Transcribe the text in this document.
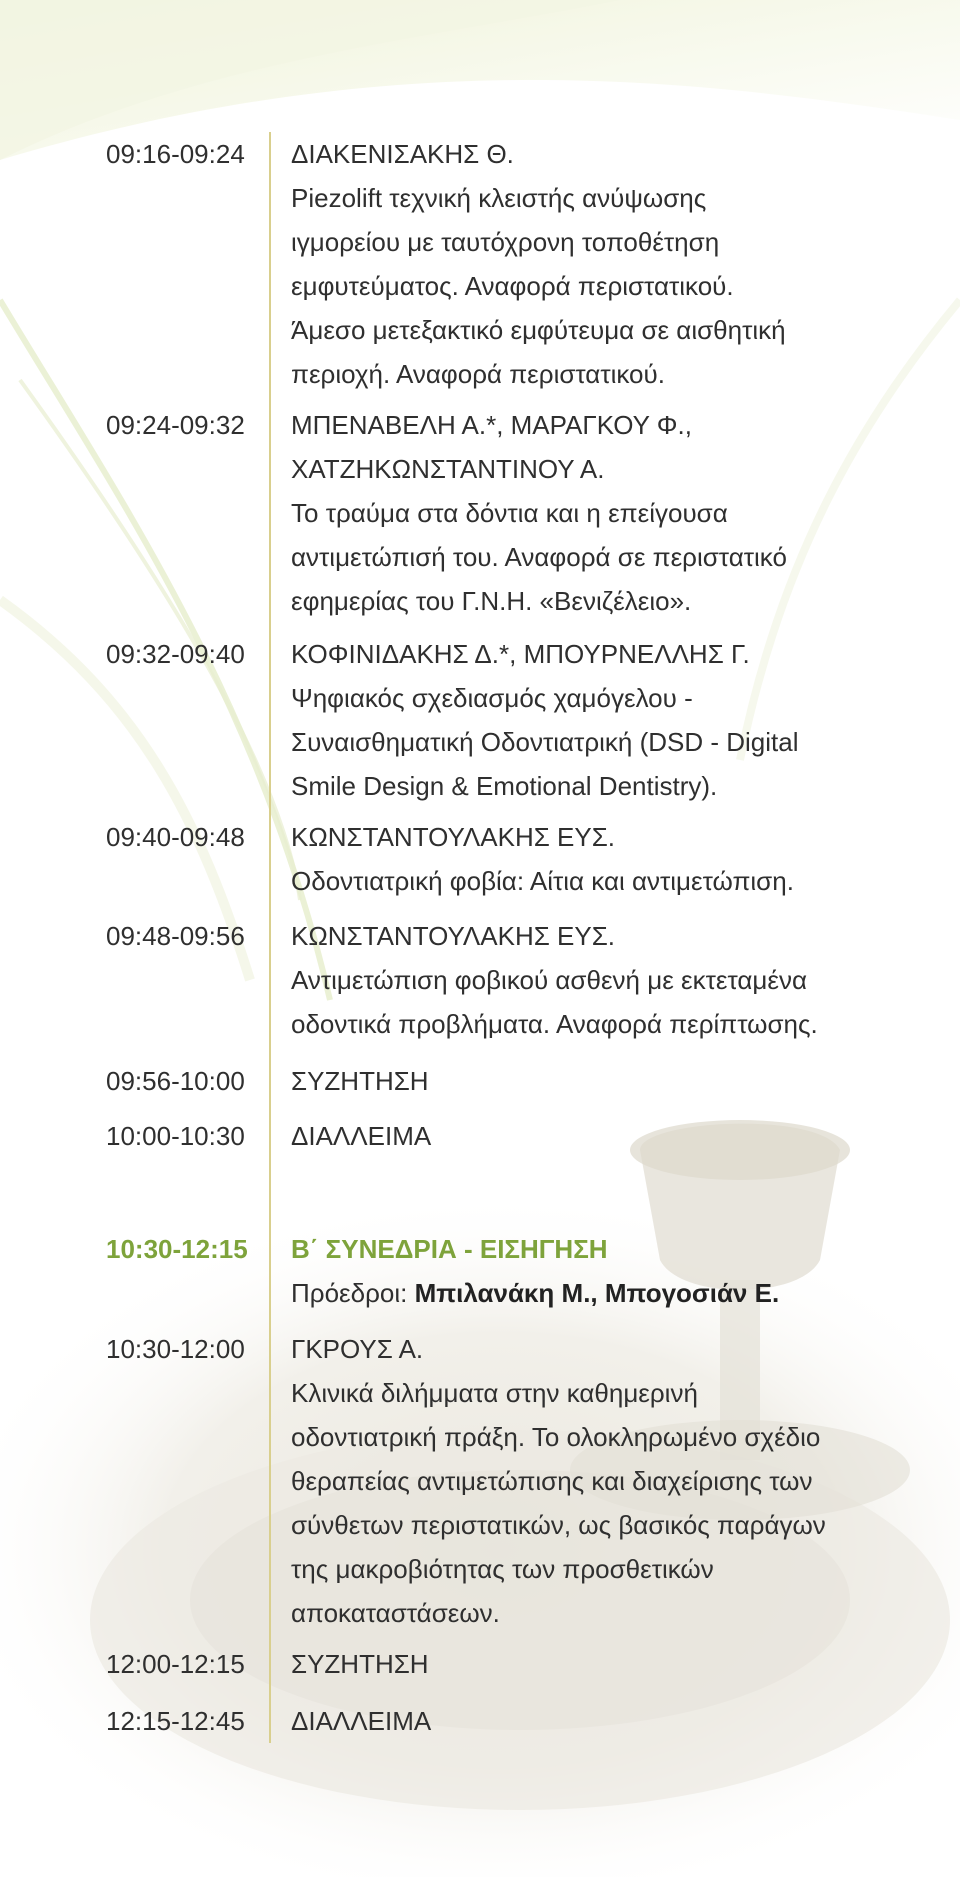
09:16-09:24 ΔΙΑΚΕΝΙΣΑΚΗΣ Θ.
Piezolift τεχνική κλειστής ανύψωσης
ιγμορείου με ταυτόχρονη τοποθέτηση
εμφυτεύματος. Αναφορά περιστατικού.
Άμεσο μετεξακτικό εμφύτευμα σε αισθητική
περιοχή. Αναφορά περιστατικού.
09:24-09:32 ΜΠΕΝΑΒΕΛΗ Α.*, ΜΑΡΑΓΚΟΥ Φ.,
ΧΑΤΖΗΚΩΝΣΤΑΝΤΙΝΟΥ Α.
Το τραύμα στα δόντια και η επείγουσα
αντιμετώπισή του. Αναφορά σε περιστατικό
εφημερίας του Γ.Ν.Η. «Βενιζέλειο».
09:32-09:40 ΚΟΦΙΝΙΔΑΚΗΣ Δ.*, ΜΠΟΥΡΝΕΛΛΗΣ Γ.
Ψηφιακός σχεδιασμός χαμόγελου -
Συναισθηματική Οδοντιατρική (DSD - Digital
Smile Design & Emotional Dentistry).
09:40-09:48 ΚΩΝΣΤΑΝΤΟΥΛΑΚΗΣ ΕΥΣ.
Οδοντιατρική φοβία: Αίτια και αντιμετώπιση.
09:48-09:56 ΚΩΝΣΤΑΝΤΟΥΛΑΚΗΣ ΕΥΣ.
Αντιμετώπιση φοβικού ασθενή με εκτεταμένα
οδοντικά προβλήματα. Αναφορά περίπτωσης.
09:56-10:00 ΣΥΖΗΤΗΣΗ
10:00-10:30 ΔΙΑΛΛΕΙΜΑ
10:30-12:15 Β΄ ΣΥΝΕΔΡΙΑ - ΕΙΣΗΓΗΣΗ
Πρόεδροι: Μπιλανάκη Μ., Μπογοσιάν Ε.
10:30-12:00 ΓΚΡΟΥΣ Α.
Κλινικά διλήμματα στην καθημερινή
οδοντιατρική πράξη. Το ολοκληρωμένο σχέδιο
θεραπείας αντιμετώπισης και διαχείρισης των
σύνθετων περιστατικών, ως βασικός παράγων
της μακροβιότητας των προσθετικών
αποκαταστάσεων.
12:00-12:15 ΣΥΖΗΤΗΣΗ
12:15-12:45 ΔΙΑΛΛΕΙΜΑ
